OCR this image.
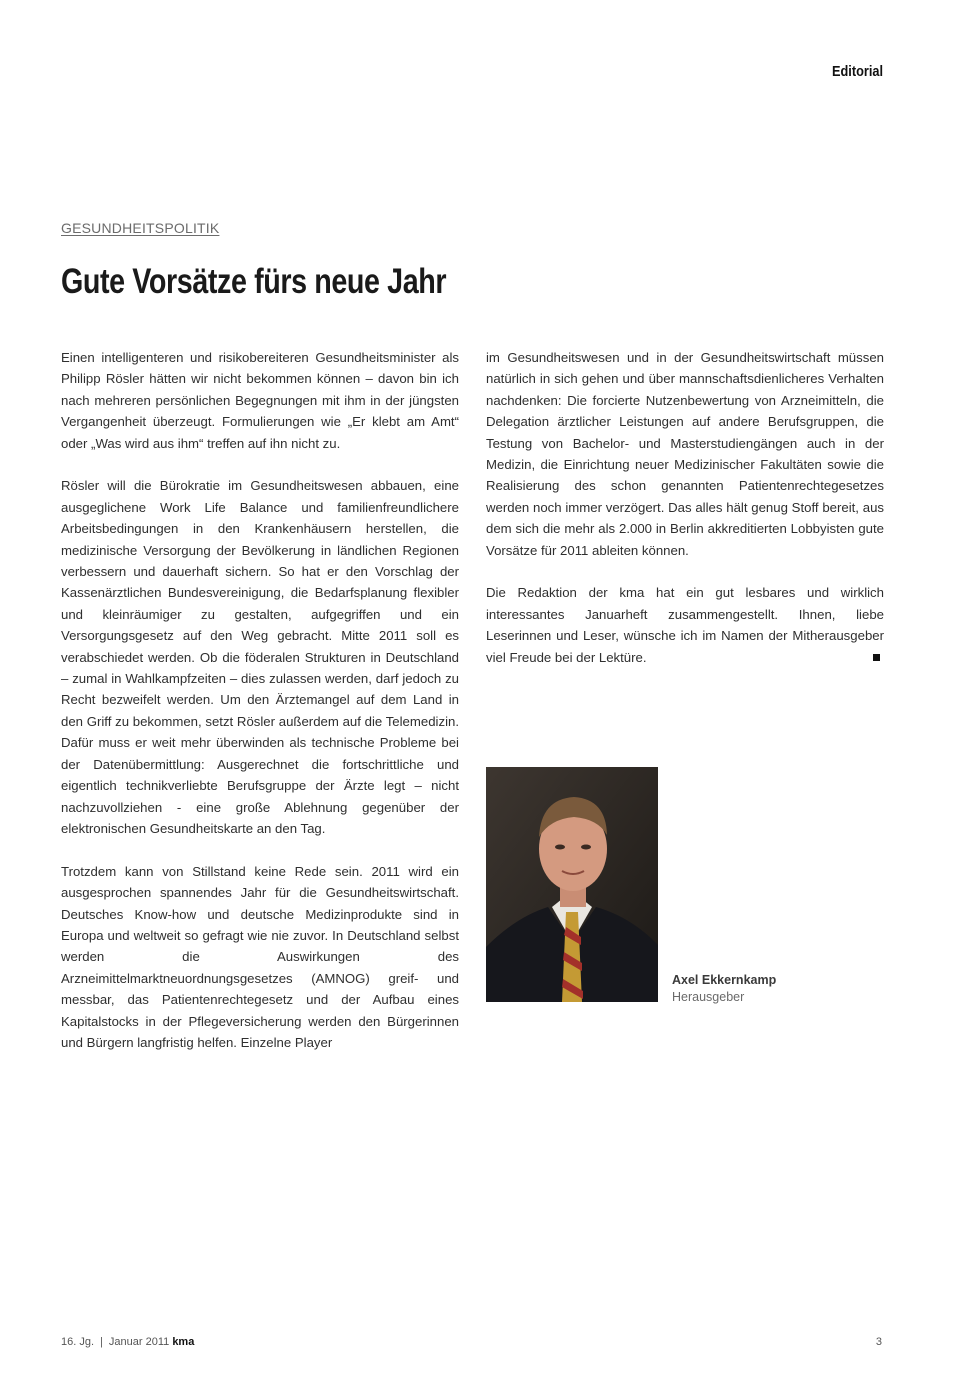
Editorial
GESUNDHEITSPOLITIK
Gute Vorsätze fürs neue Jahr

Einen intelligenteren und risikobereiteren Gesundheitsminister als Philipp Rösler hätten wir nicht bekommen können – davon bin ich nach mehreren persönlichen Begegnungen mit ihm in der jüngsten Vergangenheit überzeugt. Formulierungen wie „Er klebt am Amt“ oder „Was wird aus ihm“ treffen auf ihn nicht zu.

Rösler will die Bürokratie im Gesundheitswesen abbauen, eine ausgeglichene Work Life Balance und familienfreundlichere Arbeitsbedingungen in den Krankenhäusern herstellen, die medizinische Versorgung der Bevölkerung in ländlichen Regionen verbessern und dauerhaft sichern. So hat er den Vorschlag der Kassenärztlichen Bundesvereinigung, die Bedarfsplanung flexibler und kleinräumiger zu gestalten, aufgegriffen und ein Versorgungsgesetz auf den Weg gebracht. Mitte 2011 soll es verabschiedet werden. Ob die föderalen Strukturen in Deutschland – zumal in Wahlkampfzeiten – dies zulassen werden, darf jedoch zu Recht bezweifelt werden. Um den Ärztemangel auf dem Land in den Griff zu bekommen, setzt Rösler außerdem auf die Telemedizin. Dafür muss er weit mehr überwinden als technische Probleme bei der Datenübermittlung: Ausgerechnet die fortschrittliche und eigentlich technikverliebte Berufsgruppe der Ärzte legt – nicht nachzuvollziehen - eine große Ablehnung gegenüber der elektronischen Gesundheitskarte an den Tag.

Trotzdem kann von Stillstand keine Rede sein. 2011 wird ein ausgesprochen spannendes Jahr für die Gesundheitswirtschaft. Deutsches Know-how und deutsche Medizinprodukte sind in Europa und weltweit so gefragt wie nie zuvor. In Deutschland selbst werden die Auswirkungen des Arzneimittelmarktneuordnungsgesetzes (AMNOG) greif- und messbar, das Patientenrechtegesetz und der Aufbau eines Kapitalstocks in der Pflegeversicherung werden den Bürgerinnen und Bürgern langfristig helfen. Einzelne Player

im Gesundheitswesen und in der Gesundheitswirtschaft müssen natürlich in sich gehen und über mannschaftsdienlicheres Verhalten nachdenken: Die forcierte Nutzenbewertung von Arzneimitteln, die Delegation ärztlicher Leistungen auf andere Berufsgruppen, die Testung von Bachelor- und Masterstudiengängen auch in der Medizin, die Einrichtung neuer Medizinischer Fakultäten sowie die Realisierung des schon genannten Patientenrechtegesetzes werden noch immer verzögert. Das alles hält genug Stoff bereit, aus dem sich die mehr als 2.000 in Berlin akkreditierten Lobbyisten gute Vorsätze für 2011 ableiten können.

Die Redaktion der kma hat ein gut lesbares und wirklich interessantes Januarheft zusammengestellt. Ihnen, liebe Leserinnen und Leser, wünsche ich im Namen der Mitherausgeber viel Freude bei der Lektüre.

Axel Ekkernkamp
Herausgeber
16. Jg. | Januar 2011 kma	3
